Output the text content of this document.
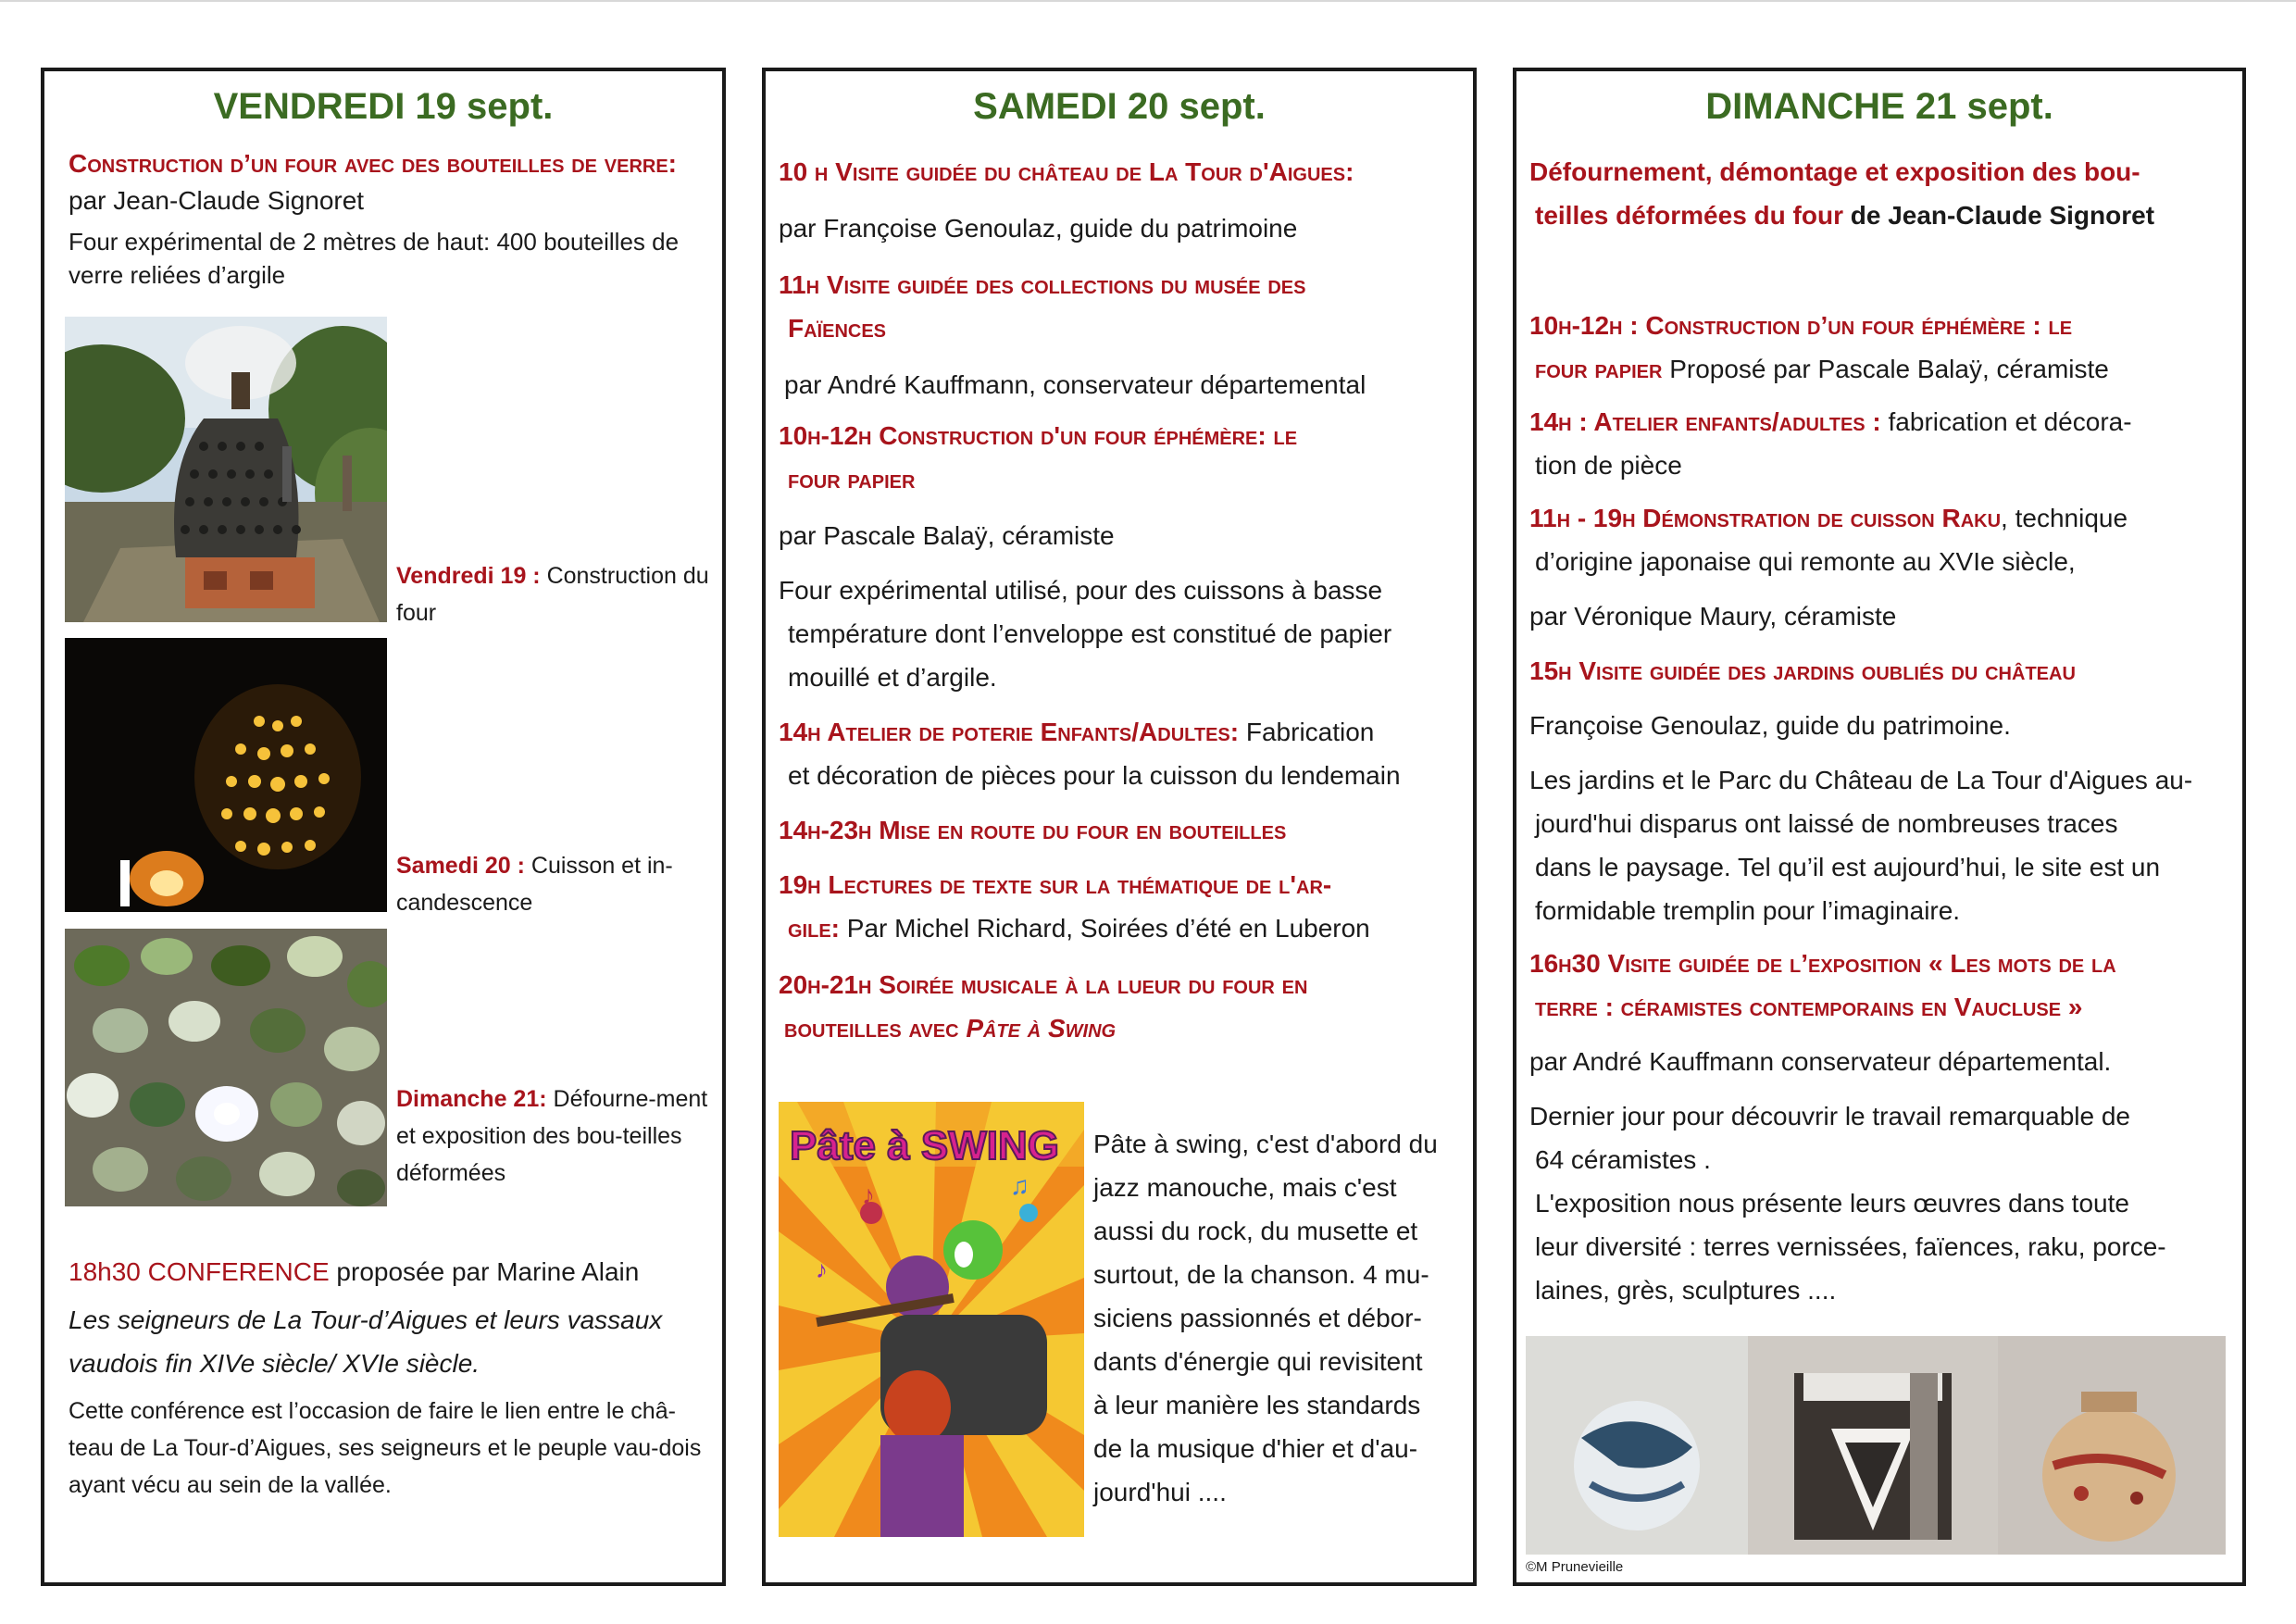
VENDREDI 19 sept.
Construction d’un four avec des bouteilles de verre: par Jean-Claude Signoret
Four expérimental de 2 mètres de haut: 400 bouteilles de verre reliées d’argile
Vendredi 19 : Construction du four
Samedi 20 : Cuisson et in-candescence
Dimanche 21: Défourne-ment et exposition des bou-teilles déformées
18h30 CONFERENCE proposée par Marine Alain
Les seigneurs de La Tour-d’Aigues et leurs vassaux vaudois fin XIVe siècle/ XVIe siècle.
Cette conférence est l’occasion de faire le lien entre le châ-teau de La Tour-d’Aigues, ses seigneurs et le peuple vau-dois ayant vécu au sein de la vallée.
SAMEDI 20 sept.
10 h Visite guidée du château de La Tour d'Aigues:
par Françoise Genoulaz, guide du patrimoine
11h Visite guidée des collections du musée des
Faïences
par André Kauffmann, conservateur départemental
10h-12h Construction d'un four éphémère: le
four papier
par Pascale Balaÿ, céramiste
Four expérimental utilisé, pour des cuissons à basse
température dont l’enveloppe est constitué de papier
mouillé et d’argile.
14h Atelier de poterie Enfants/Adultes: Fabrication
et décoration de pièces pour la cuisson du lendemain
14h-23h Mise en route du four en bouteilles
19h Lectures de texte sur la thématique de l'ar-
gile: Par Michel Richard, Soirées d’été en Luberon
20h-21h Soirée musicale à la lueur du four en
bouteilles avec Pâte à Swing
Pâte à SWING
♪	♫
♪
Pâte à swing, c'est d'abord du
jazz manouche, mais c'est
aussi du rock, du musette et
surtout, de la chanson. 4 mu-
siciens passionnés et débor-
dants d'énergie qui revisitent
à leur manière les standards
de la musique d'hier et d'au-
jourd'hui ....
DIMANCHE 21 sept.
Défournement, démontage et exposition des bou-
teilles déformées du four de Jean-Claude Signoret
10h-12h : Construction d’un four éphémère : le
four papier Proposé par Pascale Balaÿ, céramiste
14h : Atelier enfants/adultes : fabrication et décora-
tion de pièce
11h - 19h Démonstration de cuisson Raku, technique
d’origine japonaise qui remonte au XVIe siècle,
par Véronique Maury, céramiste
15h Visite guidée des jardins oubliés du château
Françoise Genoulaz, guide du patrimoine.
Les jardins et le Parc du Château de La Tour d'Aigues au-
jourd'hui disparus ont laissé de nombreuses traces
dans le paysage. Tel qu’il est aujourd’hui, le site est un
formidable tremplin pour l’imaginaire.
16h30 Visite guidée de l’exposition « Les mots de la
terre : céramistes contemporains en Vaucluse »
par André Kauffmann conservateur départemental.
Dernier jour pour découvrir le travail remarquable de
64 céramistes .
L'exposition nous présente leurs œuvres dans toute
leur diversité : terres vernissées, faïences, raku, porce-
laines, grès, sculptures ....
©M Prunevieille
